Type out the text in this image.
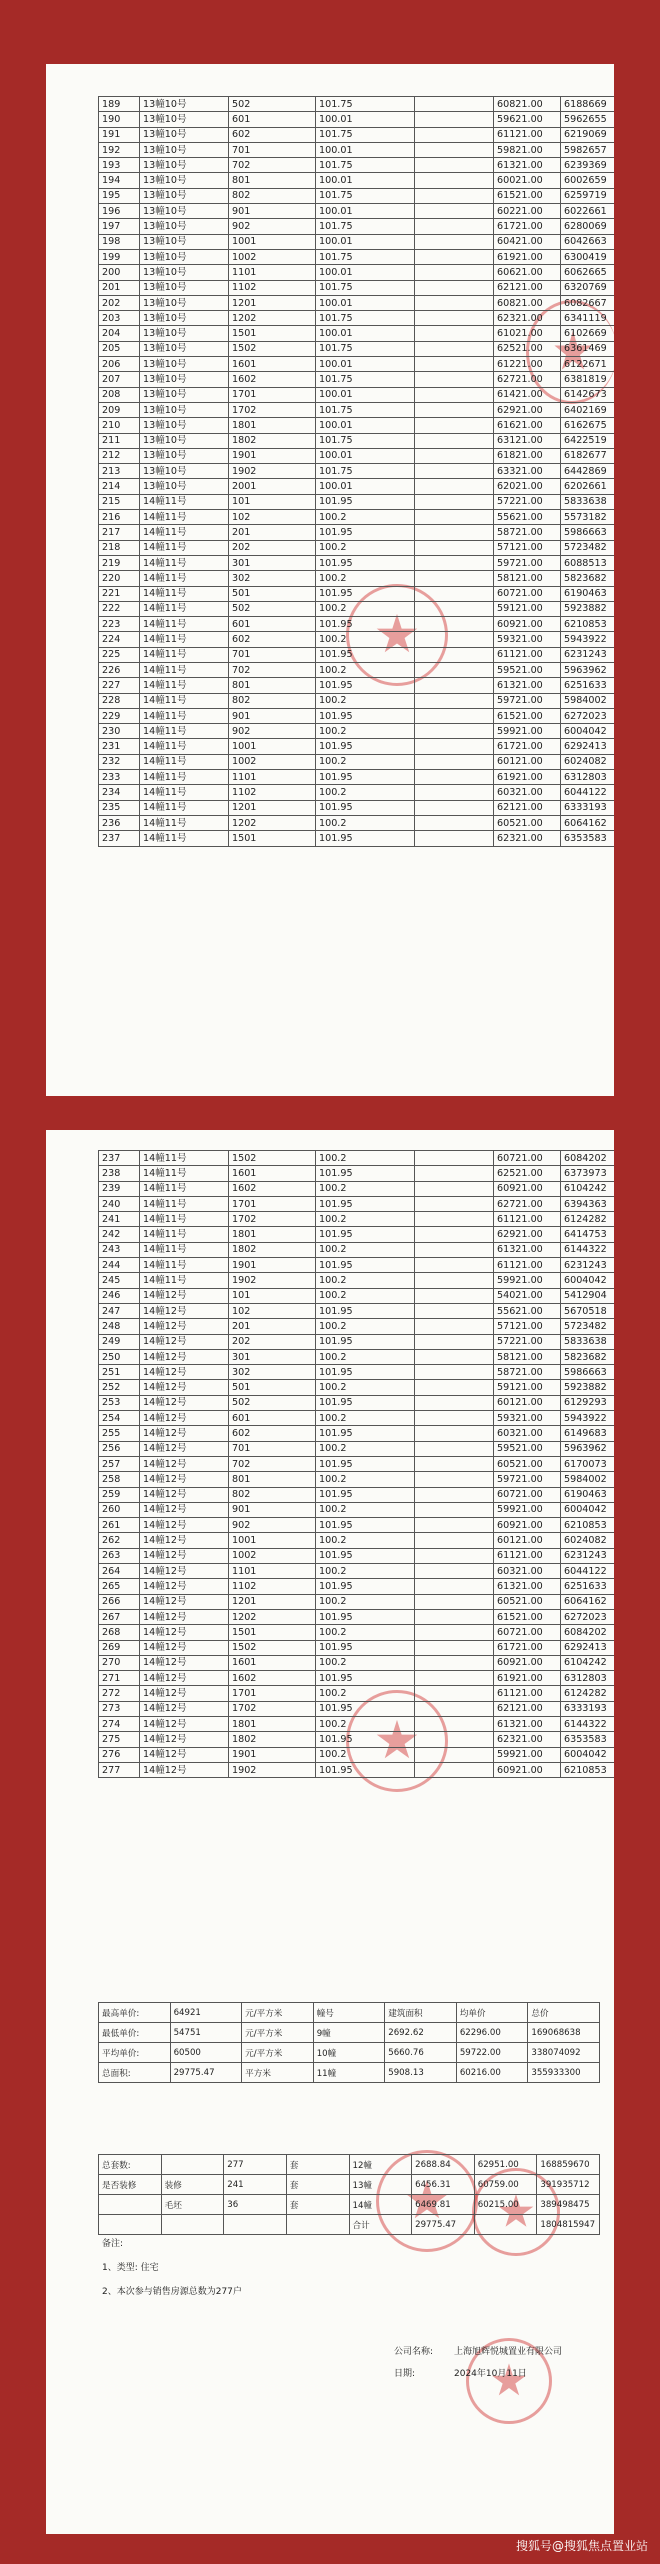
189	13幢10号	502	101.75		60821.00	6188669
190	13幢10号	601	100.01		59621.00	5962655
191	13幢10号	602	101.75		61121.00	6219069
192	13幢10号	701	100.01		59821.00	5982657
193	13幢10号	702	101.75		61321.00	6239369
194	13幢10号	801	100.01		60021.00	6002659
195	13幢10号	802	101.75		61521.00	6259719
196	13幢10号	901	100.01		60221.00	6022661
197	13幢10号	902	101.75		61721.00	6280069
198	13幢10号	1001	100.01		60421.00	6042663
199	13幢10号	1002	101.75		61921.00	6300419
200	13幢10号	1101	100.01		60621.00	6062665
201	13幢10号	1102	101.75		62121.00	6320769
202	13幢10号	1201	100.01		60821.00	6082667
203	13幢10号	1202	101.75		62321.00	6341119
204	13幢10号	1501	100.01		61021.00	6102669
205	13幢10号	1502	101.75		62521.00	6361469
206	13幢10号	1601	100.01		61221.00	6122671
207	13幢10号	1602	101.75		62721.00	6381819
208	13幢10号	1701	100.01		61421.00	6142673
209	13幢10号	1702	101.75		62921.00	6402169
210	13幢10号	1801	100.01		61621.00	6162675
211	13幢10号	1802	101.75		63121.00	6422519
212	13幢10号	1901	100.01		61821.00	6182677
213	13幢10号	1902	101.75		63321.00	6442869
214	13幢10号	2001	100.01		62021.00	6202661
215	14幢11号	101	101.95		57221.00	5833638
216	14幢11号	102	100.2		55621.00	5573182
217	14幢11号	201	101.95		58721.00	5986663
218	14幢11号	202	100.2		57121.00	5723482
219	14幢11号	301	101.95		59721.00	6088513
220	14幢11号	302	100.2		58121.00	5823682
221	14幢11号	501	101.95		60721.00	6190463
222	14幢11号	502	100.2		59121.00	5923882
223	14幢11号	601	101.95		60921.00	6210853
224	14幢11号	602	100.2		59321.00	5943922
225	14幢11号	701	101.95		61121.00	6231243
226	14幢11号	702	100.2		59521.00	5963962
227	14幢11号	801	101.95		61321.00	6251633
228	14幢11号	802	100.2		59721.00	5984002
229	14幢11号	901	101.95		61521.00	6272023
230	14幢11号	902	100.2		59921.00	6004042
231	14幢11号	1001	101.95		61721.00	6292413
232	14幢11号	1002	100.2		60121.00	6024082
233	14幢11号	1101	101.95		61921.00	6312803
234	14幢11号	1102	100.2		60321.00	6044122
235	14幢11号	1201	101.95		62121.00	6333193
236	14幢11号	1202	100.2		60521.00	6064162
237	14幢11号	1501	101.95		62321.00	6353583
237	14幢11号	1502	100.2		60721.00	6084202
238	14幢11号	1601	101.95		62521.00	6373973
239	14幢11号	1602	100.2		60921.00	6104242
240	14幢11号	1701	101.95		62721.00	6394363
241	14幢11号	1702	100.2		61121.00	6124282
242	14幢11号	1801	101.95		62921.00	6414753
243	14幢11号	1802	100.2		61321.00	6144322
244	14幢11号	1901	101.95		61121.00	6231243
245	14幢11号	1902	100.2		59921.00	6004042
246	14幢12号	101	100.2		54021.00	5412904
247	14幢12号	102	101.95		55621.00	5670518
248	14幢12号	201	100.2		57121.00	5723482
249	14幢12号	202	101.95		57221.00	5833638
250	14幢12号	301	100.2		58121.00	5823682
251	14幢12号	302	101.95		58721.00	5986663
252	14幢12号	501	100.2		59121.00	5923882
253	14幢12号	502	101.95		60121.00	6129293
254	14幢12号	601	100.2		59321.00	5943922
255	14幢12号	602	101.95		60321.00	6149683
256	14幢12号	701	100.2		59521.00	5963962
257	14幢12号	702	101.95		60521.00	6170073
258	14幢12号	801	100.2		59721.00	5984002
259	14幢12号	802	101.95		60721.00	6190463
260	14幢12号	901	100.2		59921.00	6004042
261	14幢12号	902	101.95		60921.00	6210853
262	14幢12号	1001	100.2		60121.00	6024082
263	14幢12号	1002	101.95		61121.00	6231243
264	14幢12号	1101	100.2		60321.00	6044122
265	14幢12号	1102	101.95		61321.00	6251633
266	14幢12号	1201	100.2		60521.00	6064162
267	14幢12号	1202	101.95		61521.00	6272023
268	14幢12号	1501	100.2		60721.00	6084202
269	14幢12号	1502	101.95		61721.00	6292413
270	14幢12号	1601	100.2		60921.00	6104242
271	14幢12号	1602	101.95		61921.00	6312803
272	14幢12号	1701	100.2		61121.00	6124282
273	14幢12号	1702	101.95		62121.00	6333193
274	14幢12号	1801	100.2		61321.00	6144322
275	14幢12号	1802	101.95		62321.00	6353583
276	14幢12号	1901	100.2		59921.00	6004042
277	14幢12号	1902	101.95		60921.00	6210853
最高单价:	64921	元/平方米	幢号	建筑面积	均单价	总价
最低单价:	54751	元/平方米	9幢	2692.62	62296.00	169068638
平均单价:	60500	元/平方米	10幢	5660.76	59722.00	338074092
总面积:	29775.47	平方米	11幢	5908.13	60216.00	355933300
总套数:		277	套	12幢	2688.84	62951.00	168859670
是否装修	装修	241	套	13幢	6456.31	60759.00	391935712
	毛坯	36	套	14幢	6469.81	60215.00	389498475
				合计	29775.47		1804815947
备注:
1、类型: 住宅
2、本次参与销售房源总数为277户
公司名称: 上海旭辉悦城置业有限公司
日期:	2024年10月11日
搜狐号@搜狐焦点置业站
